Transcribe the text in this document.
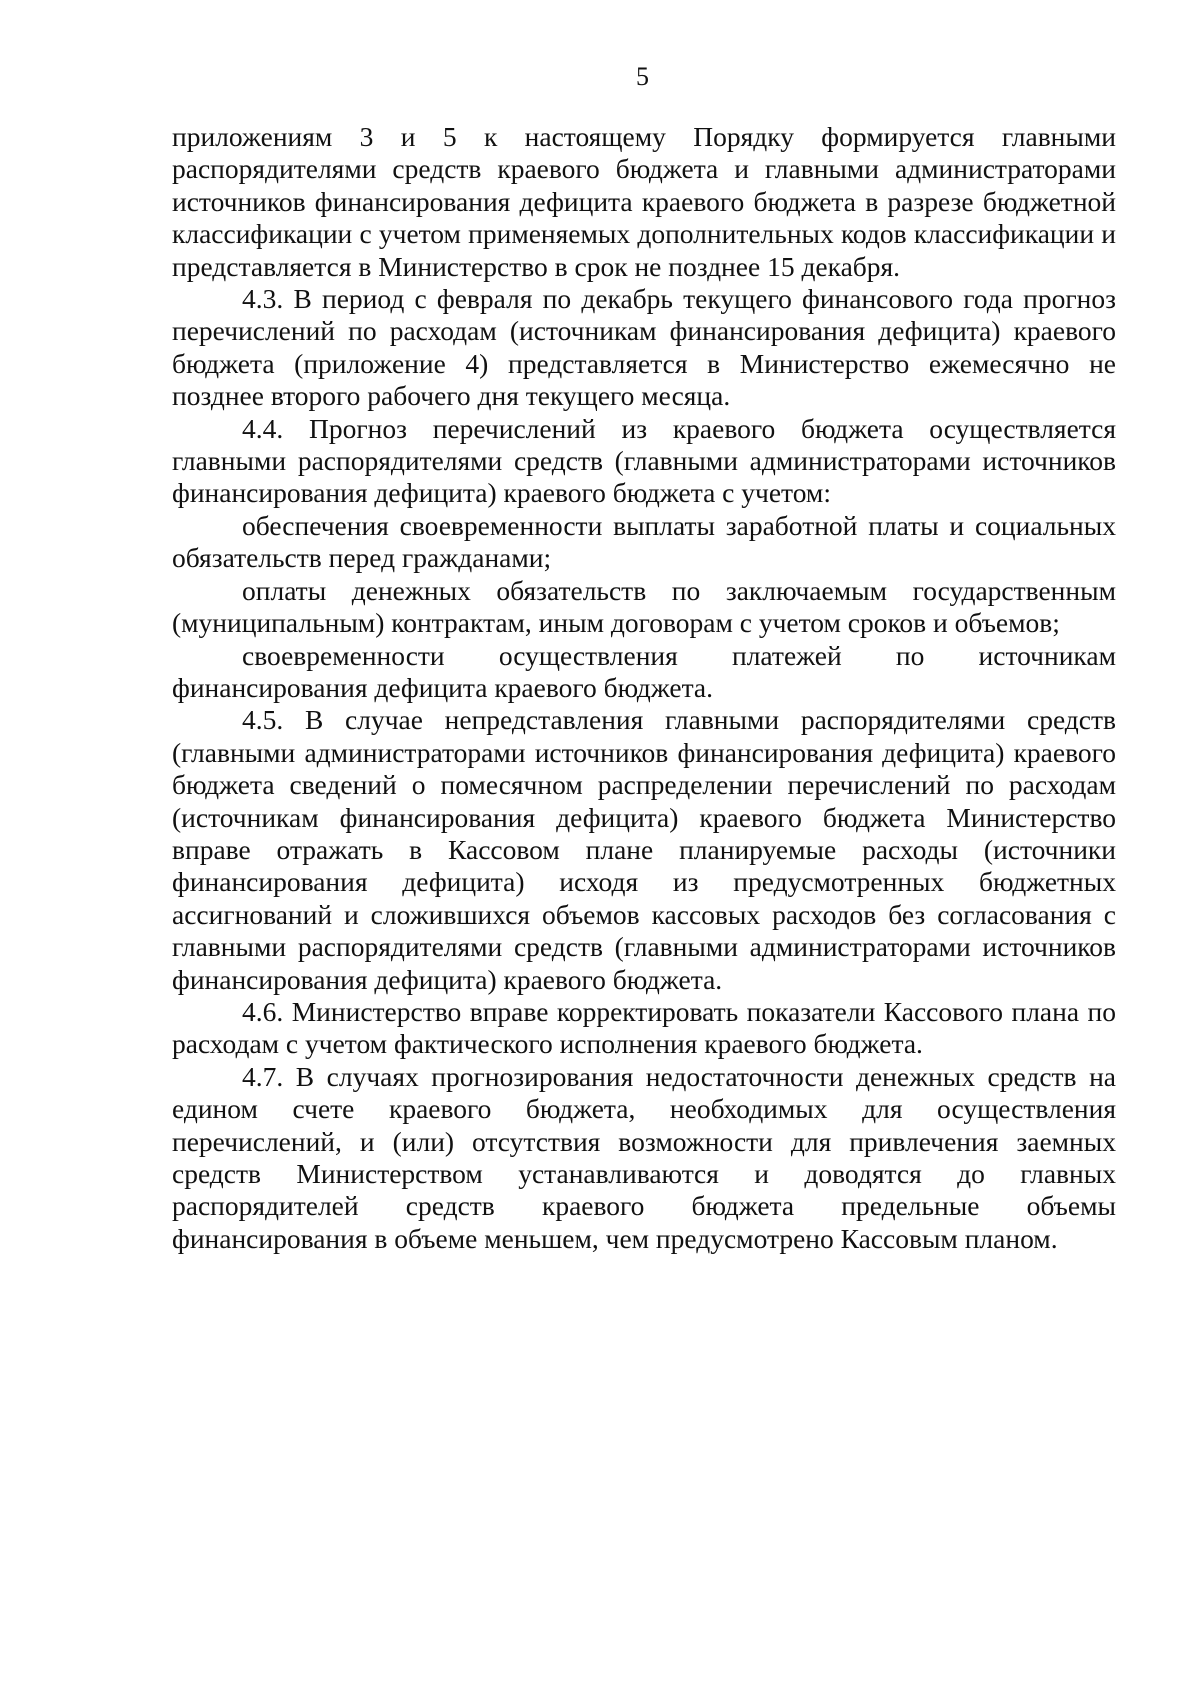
5

приложениям 3 и 5 к настоящему Порядку формируется главными распорядителями средств краевого бюджета и главными администраторами источников финансирования дефицита краевого бюджета в разрезе бюджетной классификации с учетом применяемых дополнительных кодов классификации и представляется в Министерство в срок не позднее 15 декабря.

4.3. В период с февраля по декабрь текущего финансового года прогноз перечислений по расходам (источникам финансирования дефицита) краевого бюджета (приложение 4) представляется в Министерство ежемесячно не позднее второго рабочего дня текущего месяца.

4.4. Прогноз перечислений из краевого бюджета осуществляется главными распорядителями средств (главными администраторами источников финансирования дефицита) краевого бюджета с учетом:

обеспечения своевременности выплаты заработной платы и социальных обязательств перед гражданами;

оплаты денежных обязательств по заключаемым государственным (муниципальным) контрактам, иным договорам с учетом сроков и объемов;

своевременности осуществления платежей по источникам финансирования дефицита краевого бюджета.

4.5. В случае непредставления главными распорядителями средств (главными администраторами источников финансирования дефицита) краевого бюджета сведений о помесячном распределении перечислений по расходам (источникам финансирования дефицита) краевого бюджета Министерство вправе отражать в Кассовом плане планируемые расходы (источники финансирования дефицита) исходя из предусмотренных бюджетных ассигнований и сложившихся объемов кассовых расходов без согласования с главными распорядителями средств (главными администраторами источников финансирования дефицита) краевого бюджета.

4.6. Министерство вправе корректировать показатели Кассового плана по расходам с учетом фактического исполнения краевого бюджета.

4.7. В случаях прогнозирования недостаточности денежных средств на едином счете краевого бюджета, необходимых для осуществления перечислений, и (или) отсутствия возможности для привлечения заемных средств Министерством устанавливаются и доводятся до главных распорядителей средств краевого бюджета предельные объемы финансирования в объеме меньшем, чем предусмотрено Кассовым планом.
